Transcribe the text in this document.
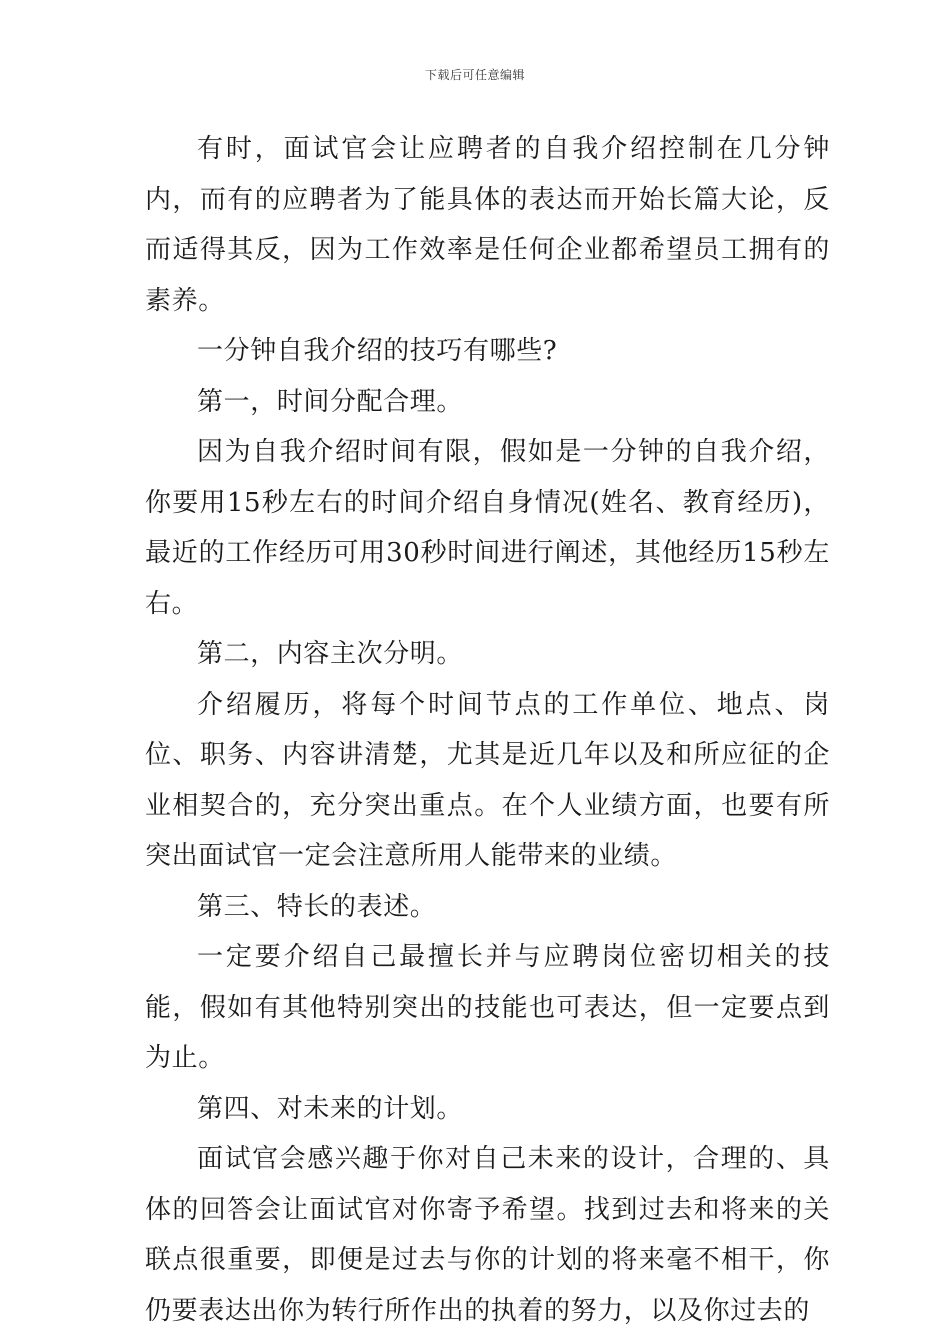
下载后可任意编辑

有时，面试官会让应聘者的自我介绍控制在几分钟内，而有的应聘者为了能具体的表达而开始长篇大论，反而适得其反，因为工作效率是任何企业都希望员工拥有的素养。

一分钟自我介绍的技巧有哪些?

第一，时间分配合理。

因为自我介绍时间有限，假如是一分钟的自我介绍，你要用15秒左右的时间介绍自身情况(姓名、教育经历)，最近的工作经历可用30秒时间进行阐述，其他经历15秒左右。

第二，内容主次分明。

介绍履历，将每个时间节点的工作单位、地点、岗位、职务、内容讲清楚，尤其是近几年以及和所应征的企业相契合的，充分突出重点。在个人业绩方面，也要有所突出面试官一定会注意所用人能带来的业绩。

第三、特长的表述。

一定要介绍自己最擅长并与应聘岗位密切相关的技能，假如有其他特别突出的技能也可表达，但一定要点到为止。

第四、对未来的计划。

面试官会感兴趣于你对自己未来的设计，合理的、具体的回答会让面试官对你寄予希望。找到过去和将来的关联点很重要，即便是过去与你的计划的将来毫不相干，你仍要表达出你为转行所作出的执着的努力，以及你过去的
